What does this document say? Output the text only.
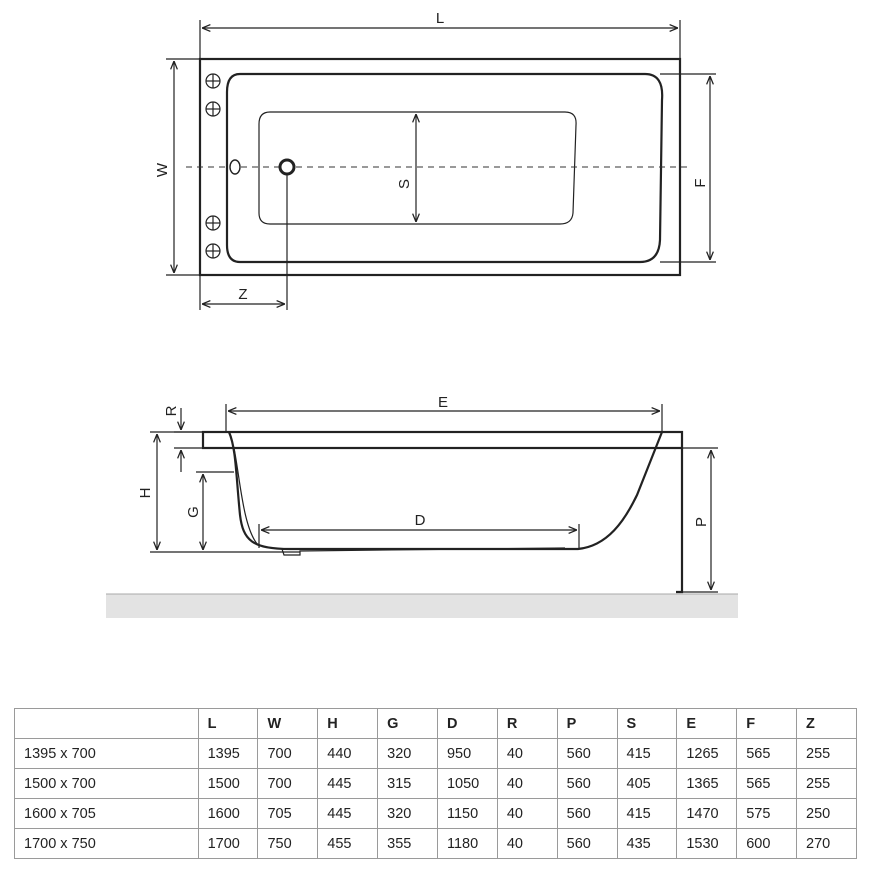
L
W
S	F
Z
R	E
H
G	D	P
	L	W	H	G	D	R	P	S	E	F	Z
1395 x 700	1395	700	440	320	950	40	560	415	1265	565	255
1500 x 700	1500	700	445	315	1050	40	560	405	1365	565	255
1600 x 705	1600	705	445	320	1150	40	560	415	1470	575	250
1700 x 750	1700	750	455	355	1180	40	560	435	1530	600	270
